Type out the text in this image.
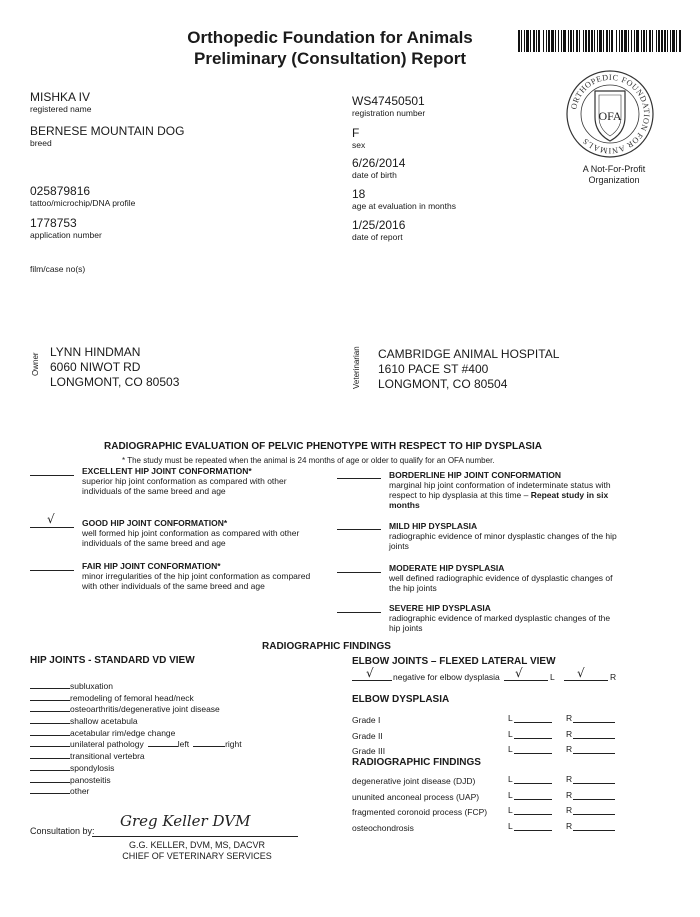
Orthopedic Foundation for Animals
Preliminary (Consultation) Report
ORTHOPEDIC FOUNDATION FOR ANIMALS
OFA
A Not-For-Profit
Organization
MISHKA IV
registered name
BERNESE MOUNTAIN DOG
breed
025879816
tattoo/microchip/DNA profile
1778753
application number
film/case no(s)
WS47450501
registration number
F
sex
6/26/2014
date of birth
18
age at evaluation in months
1/25/2016
date of report
Owner
LYNN HINDMAN
6060 NIWOT RD
LONGMONT, CO 80503	Veterinarian CAMBRIDGE ANIMAL HOSPITAL
1610 PACE ST #400
LONGMONT, CO 80504
RADIOGRAPHIC EVALUATION OF PELVIC PHENOTYPE WITH RESPECT TO HIP DYSPLASIA
* The study must be repeated when the animal is 24 months of age or older to qualify for an OFA number.
EXCELLENT HIP JOINT CONFORMATION*
superior hip joint conformation as compared with other
individuals of the same breed and age
√	GOOD HIP JOINT CONFORMATION*
well formed hip joint conformation as compared with other
individuals of the same breed and age
FAIR HIP JOINT CONFORMATION*
minor irregularities of the hip joint conformation as compared
with other individuals of the same breed and age
BORDERLINE HIP JOINT CONFORMATION
marginal hip joint conformation of indeterminate status with
respect to hip dysplasia at this time – Repeat study in six
months
MILD HIP DYSPLASIA
radiographic evidence of minor dysplastic changes of the hip
joints
MODERATE HIP DYSPLASIA
well defined radiographic evidence of dysplastic changes of
the hip joints
SEVERE HIP DYSPLASIA
radiographic evidence of marked dysplastic changes of the
hip joints
RADIOGRAPHIC FINDINGS
HIP JOINTS - STANDARD VD VIEW
subluxation
remodeling of femoral head/neck
osteoarthritis/degenerative joint disease
shallow acetabula
acetabular rim/edge change
unilateral pathology	left	right
transitional vertebra
spondylosis
panosteitis
other
ELBOW JOINTS – FLEXED LATERAL VIEW
√ negative for elbow dysplasia √	L √	R
ELBOW DYSPLASIA
Grade I	L	R
Grade II	L	R
Grade III	L	R
RADIOGRAPHIC FINDINGS
degenerative joint disease (DJD)	L	R
ununited anconeal process (UAP)	L	R
fragmented coronoid process (FCP) L	R
osteochondrosis	L	R
Consultation by:
Greg Keller DVM
G.G. KELLER, DVM, MS, DACVR
CHIEF OF VETERINARY SERVICES
